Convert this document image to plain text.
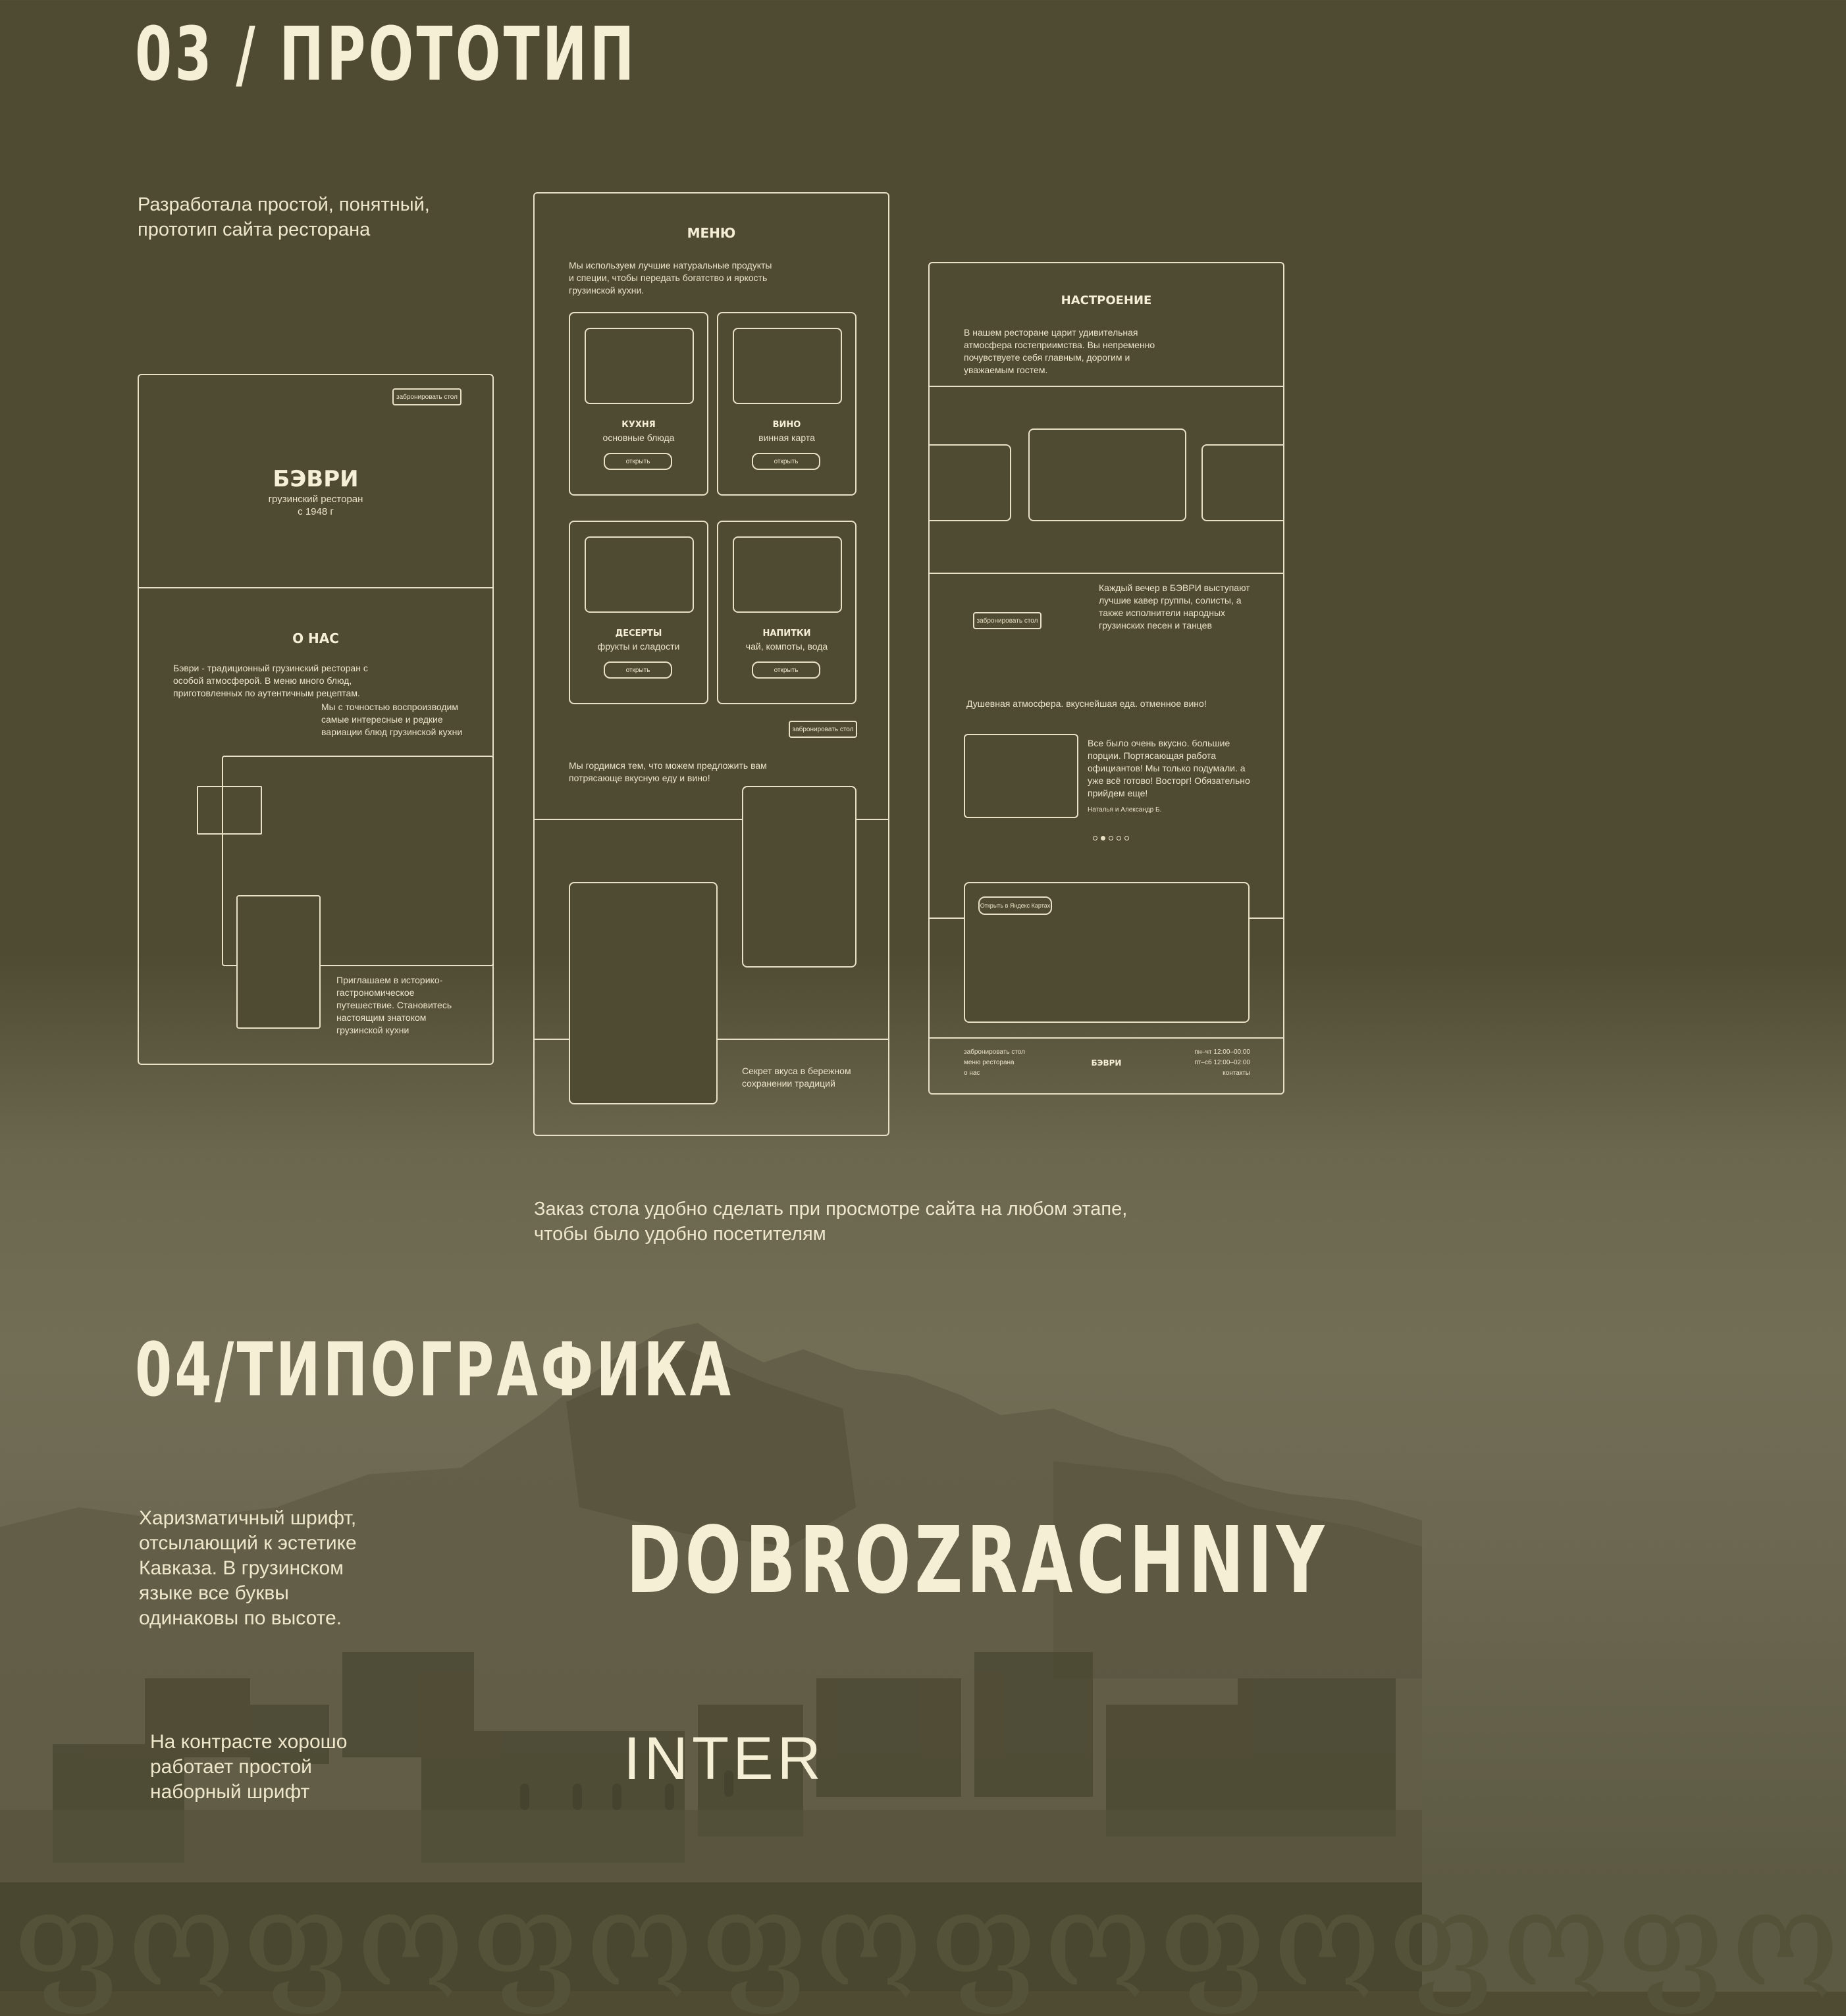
03 / ПРОТОТИП
Разработала простой, понятный, прототип сайта ресторана
забронировать стол
БЭВРИ
грузинский ресторан
с 1948 г
О НАС
Бэври - традиционный грузинский ресторан с особой атмосферой. В меню много блюд, приготовленных по аутентичным рецептам.
Мы с точностью воспроизводим самые интересные и редкие вариации блюд грузинской кухни
Приглашаем в историко-гастрономическое путешествие. Становитесь настоящим знатоком грузинской кухни
МЕНЮ
Мы используем лучшие натуральные продукты и специи, чтобы передать богатство и яркость грузинской кухни.
КУХНЯ
основные блюда
открыть
ВИНО
винная карта
открыть
ДЕСЕРТЫ
фрукты и сладости
открыть
НАПИТКИ
чай, компоты, вода
открыть
забронировать стол
Мы гордимся тем, что можем предложить вам потрясающе вкусную еду и вино!
Секрет вкуса в бережном сохранении традиций
НАСТРОЕНИЕ
В нашем ресторане царит удивительная атмосфера гостеприимства. Вы непременно почувствуете себя главным, дорогим и уважаемым гостем.
Каждый вечер в БЭВРИ выступают лучшие кавер группы, солисты, а также исполнители народных грузинских песен и танцев
забронировать стол
Душевная атмосфера. вкуснейшая еда. отменное вино!
Все было очень вкусно. большие порции. Портясающая работа официантов! Мы только подумали. а уже всё готово! Восторг! Обязательно прийдем еще!
Наталья и Александр Б.
Открыть в Яндекс Картах
забронировать стол
меню ресторана
о нас
БЭВРИ
пн–чт 12:00–00:00
пт–сб 12:00–02:00
контакты
Заказ стола удобно сделать при просмотре сайта на любом этапе, чтобы было удобно посетителям
04/ТИПОГРАФИКА
Харизматичный шрифт, отсылающий к эстетике Кавказа. В грузинском языке все буквы одинаковы по высоте.
DOBROZRACHNIY
На контрасте хорошо работает простой наборный шрифт	INTER
ფოფოფოფოფოფოფოფო
